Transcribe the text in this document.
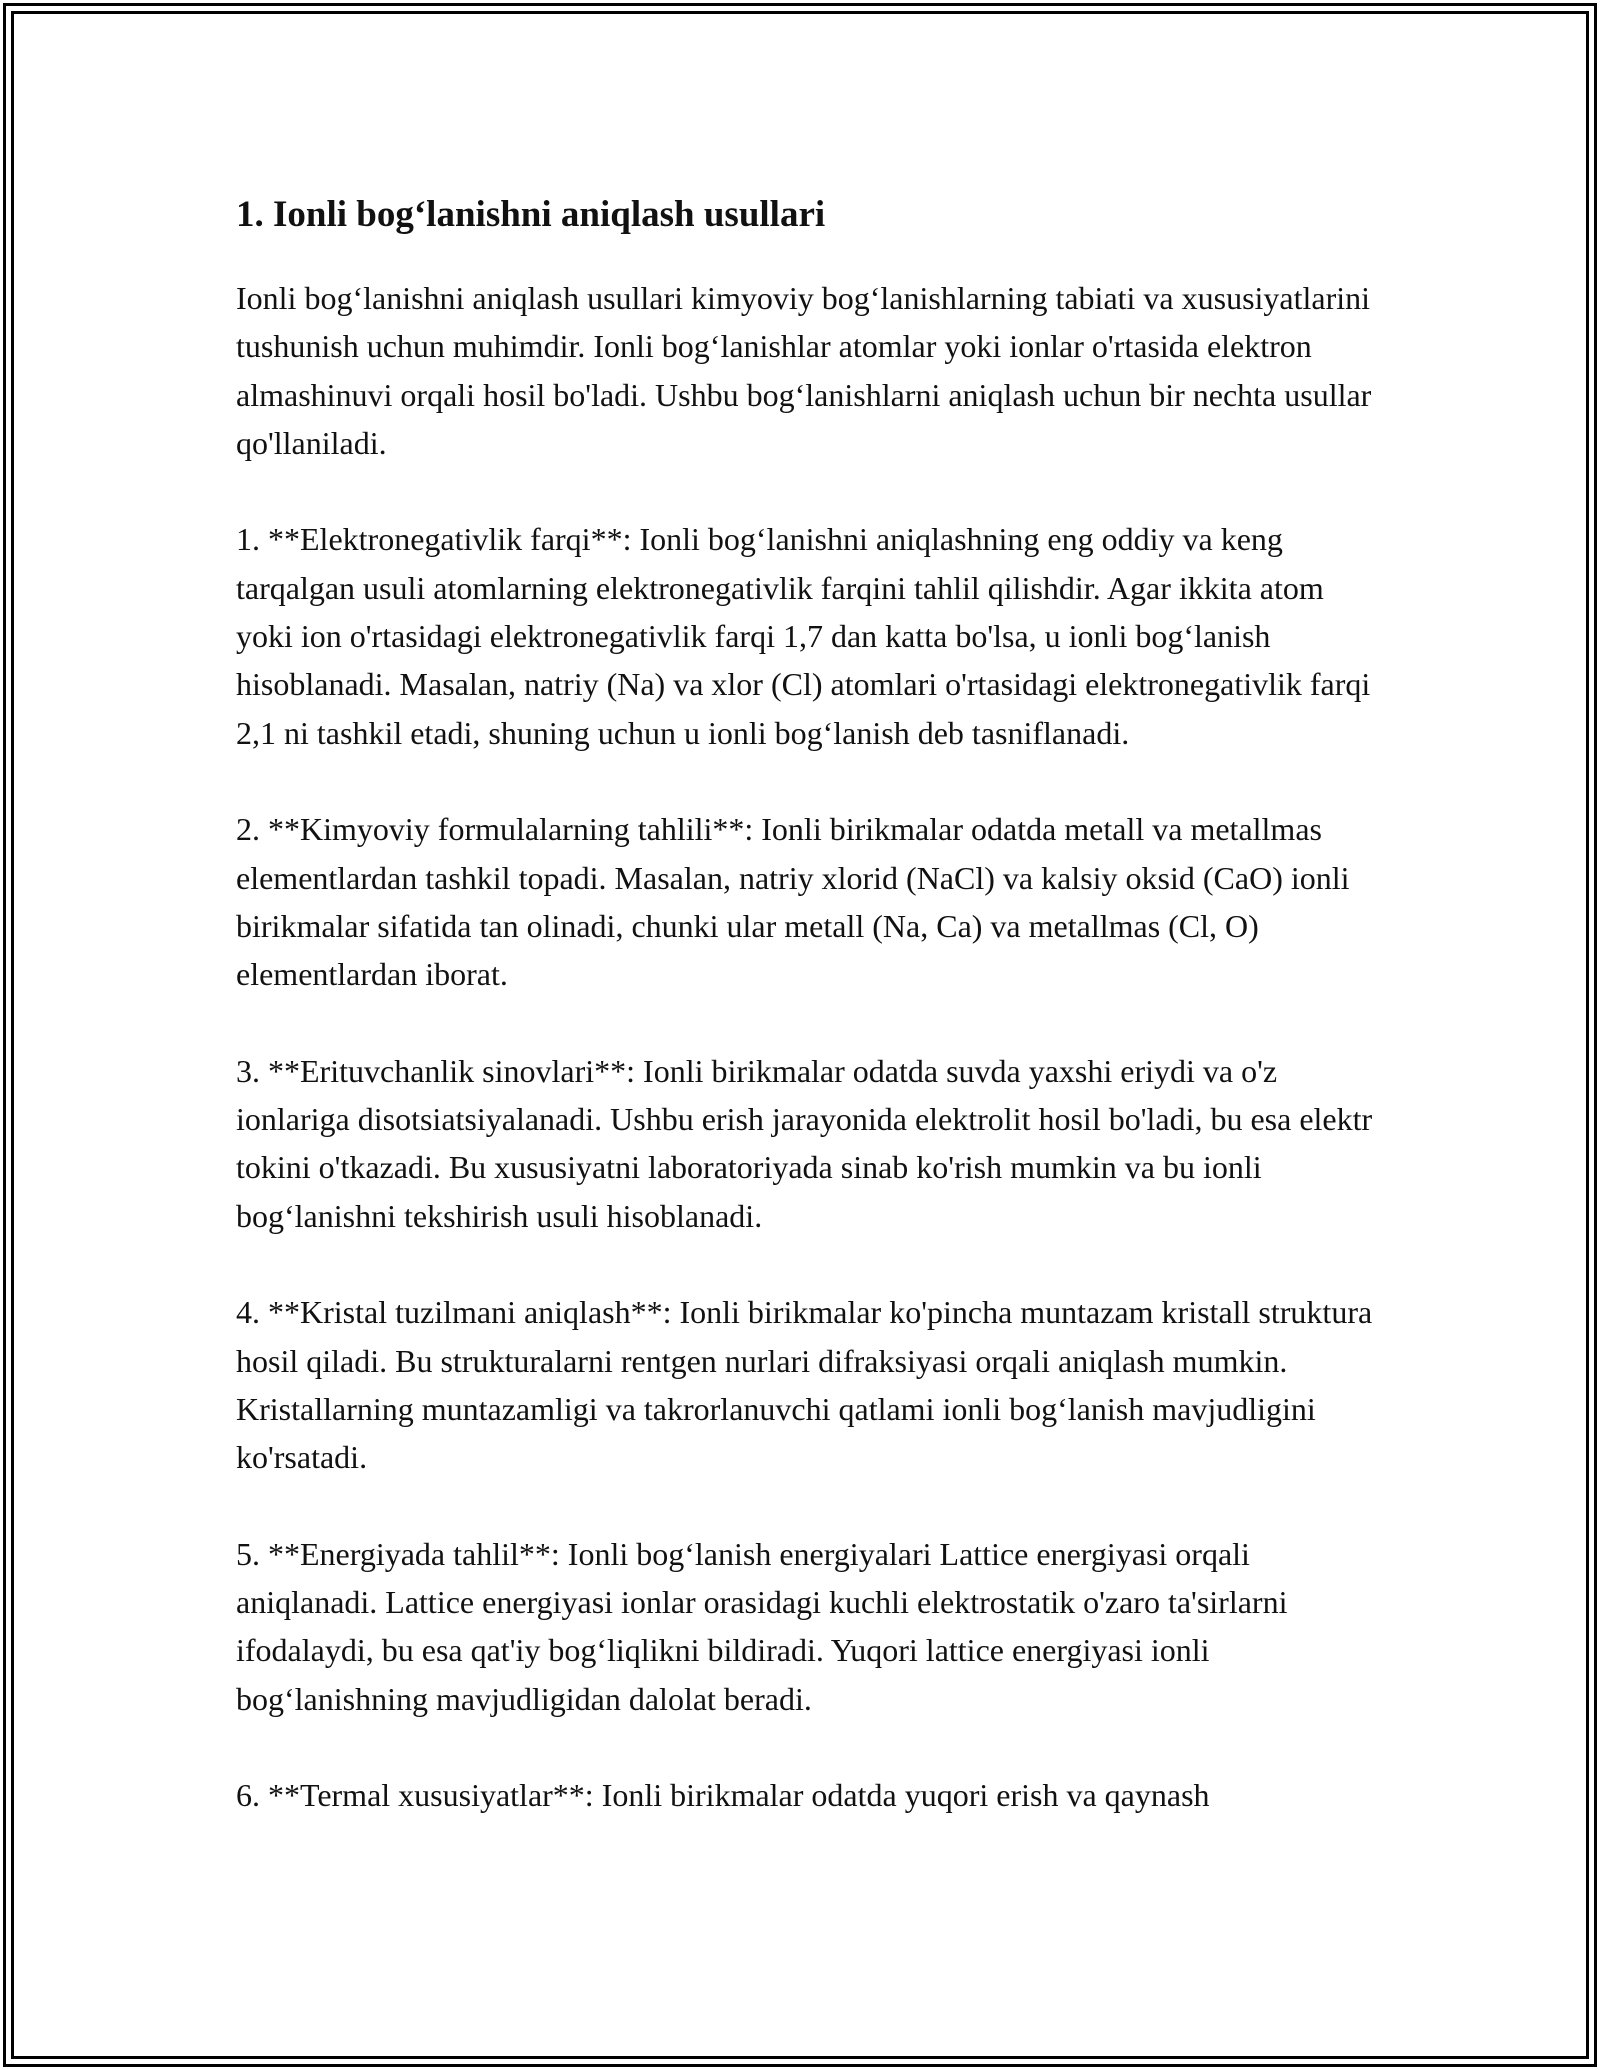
1. Ionli bog‘lanishni aniqlash usullari

Ionli bog‘lanishni aniqlash usullari kimyoviy bog‘lanishlarning tabiati va xususiyatlarini tushunish uchun muhimdir. Ionli bog‘lanishlar atomlar yoki ionlar o'rtasida elektron almashinuvi orqali hosil bo'ladi. Ushbu bog‘lanishlarni aniqlash uchun bir nechta usullar qo'llaniladi.

1. **Elektronegativlik farqi**: Ionli bog‘lanishni aniqlashning eng oddiy va keng tarqalgan usuli atomlarning elektronegativlik farqini tahlil qilishdir. Agar ikkita atom yoki ion o'rtasidagi elektronegativlik farqi 1,7 dan katta bo'lsa, u ionli bog‘lanish hisoblanadi. Masalan, natriy (Na) va xlor (Cl) atomlari o'rtasidagi elektronegativlik farqi 2,1 ni tashkil etadi, shuning uchun u ionli bog‘lanish deb tasniflanadi.

2. **Kimyoviy formulalarning tahlili**: Ionli birikmalar odatda metall va metallmas elementlardan tashkil topadi. Masalan, natriy xlorid (NaCl) va kalsiy oksid (CaO) ionli birikmalar sifatida tan olinadi, chunki ular metall (Na, Ca) va metallmas (Cl, O) elementlardan iborat.

3. **Erituvchanlik sinovlari**: Ionli birikmalar odatda suvda yaxshi eriydi va o'z ionlariga disotsiatsiyalanadi. Ushbu erish jarayonida elektrolit hosil bo'ladi, bu esa elektr tokini o'tkazadi. Bu xususiyatni laboratoriyada sinab ko'rish mumkin va bu ionli bog‘lanishni tekshirish usuli hisoblanadi.

4. **Kristal tuzilmani aniqlash**: Ionli birikmalar ko'pincha muntazam kristall struktura hosil qiladi. Bu strukturalarni rentgen nurlari difraksiyasi orqali aniqlash mumkin. Kristallarning muntazamligi va takrorlanuvchi qatlami ionli bog‘lanish mavjudligini ko'rsatadi.

5. **Energiyada tahlil**: Ionli bog‘lanish energiyalari Lattice energiyasi orqali aniqlanadi. Lattice energiyasi ionlar orasidagi kuchli elektrostatik o'zaro ta'sirlarni ifodalaydi, bu esa qat'iy bog‘liqlikni bildiradi. Yuqori lattice energiyasi ionli bog‘lanishning mavjudligidan dalolat beradi.

6. **Termal xususiyatlar**: Ionli birikmalar odatda yuqori erish va qaynash
